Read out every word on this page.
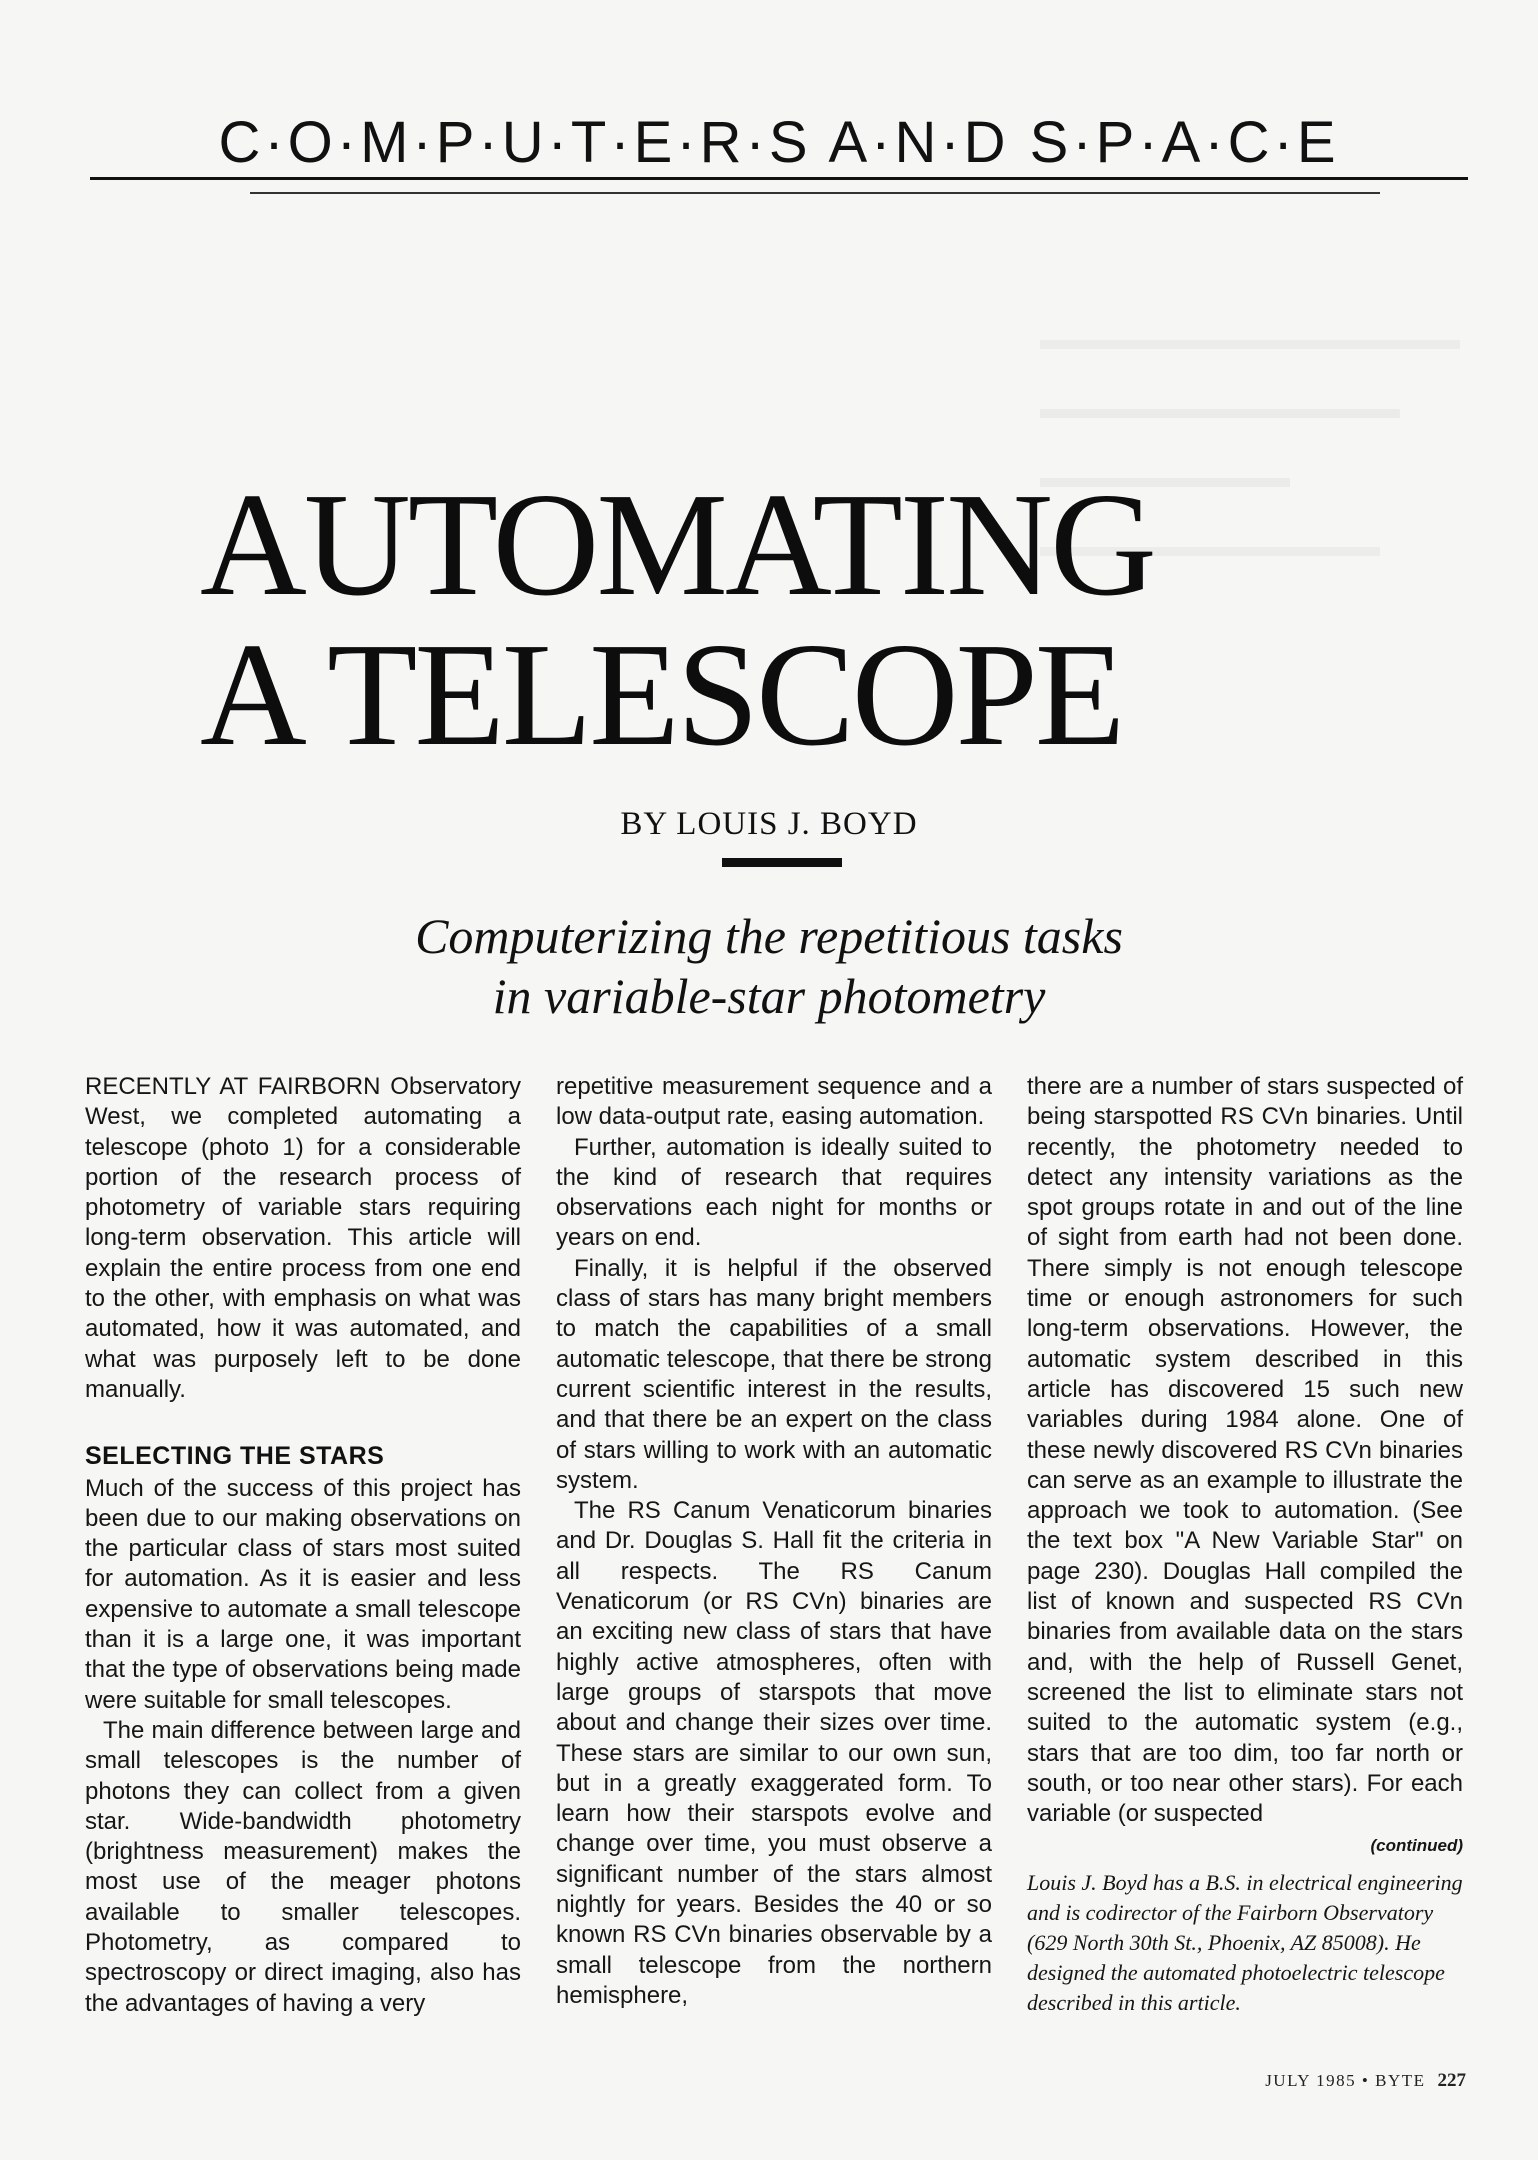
C·O·M·P·U·T·E·R·S A·N·D S·P·A·C·E
AUTOMATING
A TELESCOPE
BY LOUIS J. BOYD
Computerizing the repetitious tasks
in variable-star photometry

RECENTLY AT FAIRBORN Observatory West, we completed automating a telescope (photo 1) for a considerable portion of the research process of photometry of variable stars requiring long-term observation. This article will explain the entire process from one end to the other, with emphasis on what was automated, how it was automated, and what was purposely left to be done manually.

SELECTING THE STARS

Much of the success of this project has been due to our making observations on the particular class of stars most suited for automation. As it is easier and less expensive to automate a small telescope than it is a large one, it was important that the type of observations being made were suitable for small telescopes.

The main difference between large and small telescopes is the number of photons they can collect from a given star. Wide-bandwidth photometry (brightness measurement) makes the most use of the meager photons available to smaller telescopes. Photometry, as compared to spectroscopy or direct imaging, also has the advantages of having a very

repetitive measurement sequence and a low data-output rate, easing automation.

Further, automation is ideally suited to the kind of research that requires observations each night for months or years on end.

Finally, it is helpful if the observed class of stars has many bright members to match the capabilities of a small automatic telescope, that there be strong current scientific interest in the results, and that there be an expert on the class of stars willing to work with an automatic system.

The RS Canum Venaticorum binaries and Dr. Douglas S. Hall fit the criteria in all respects. The RS Canum Venaticorum (or RS CVn) binaries are an exciting new class of stars that have highly active atmospheres, often with large groups of starspots that move about and change their sizes over time. These stars are similar to our own sun, but in a greatly exaggerated form. To learn how their starspots evolve and change over time, you must observe a significant number of the stars almost nightly for years. Besides the 40 or so known RS CVn binaries observable by a small telescope from the northern hemisphere,

there are a number of stars suspected of being starspotted RS CVn binaries. Until recently, the photometry needed to detect any intensity variations as the spot groups rotate in and out of the line of sight from earth had not been done. There simply is not enough telescope time or enough astronomers for such long-term observations. However, the automatic system described in this article has discovered 15 such new variables during 1984 alone. One of these newly discovered RS CVn binaries can serve as an example to illustrate the approach we took to automation. (See the text box "A New Variable Star" on page 230). Douglas Hall compiled the list of known and suspected RS CVn binaries from available data on the stars and, with the help of Russell Genet, screened the list to eliminate stars not suited to the automatic system (e.g., stars that are too dim, too far north or south, or too near other stars). For each variable (or suspected

(continued)

Louis J. Boyd has a B.S. in electrical engineering and is codirector of the Fairborn Observatory (629 North 30th St., Phoenix, AZ 85008). He designed the automated photoelectric telescope described in this article.

JULY 1985 • BYTE 227
